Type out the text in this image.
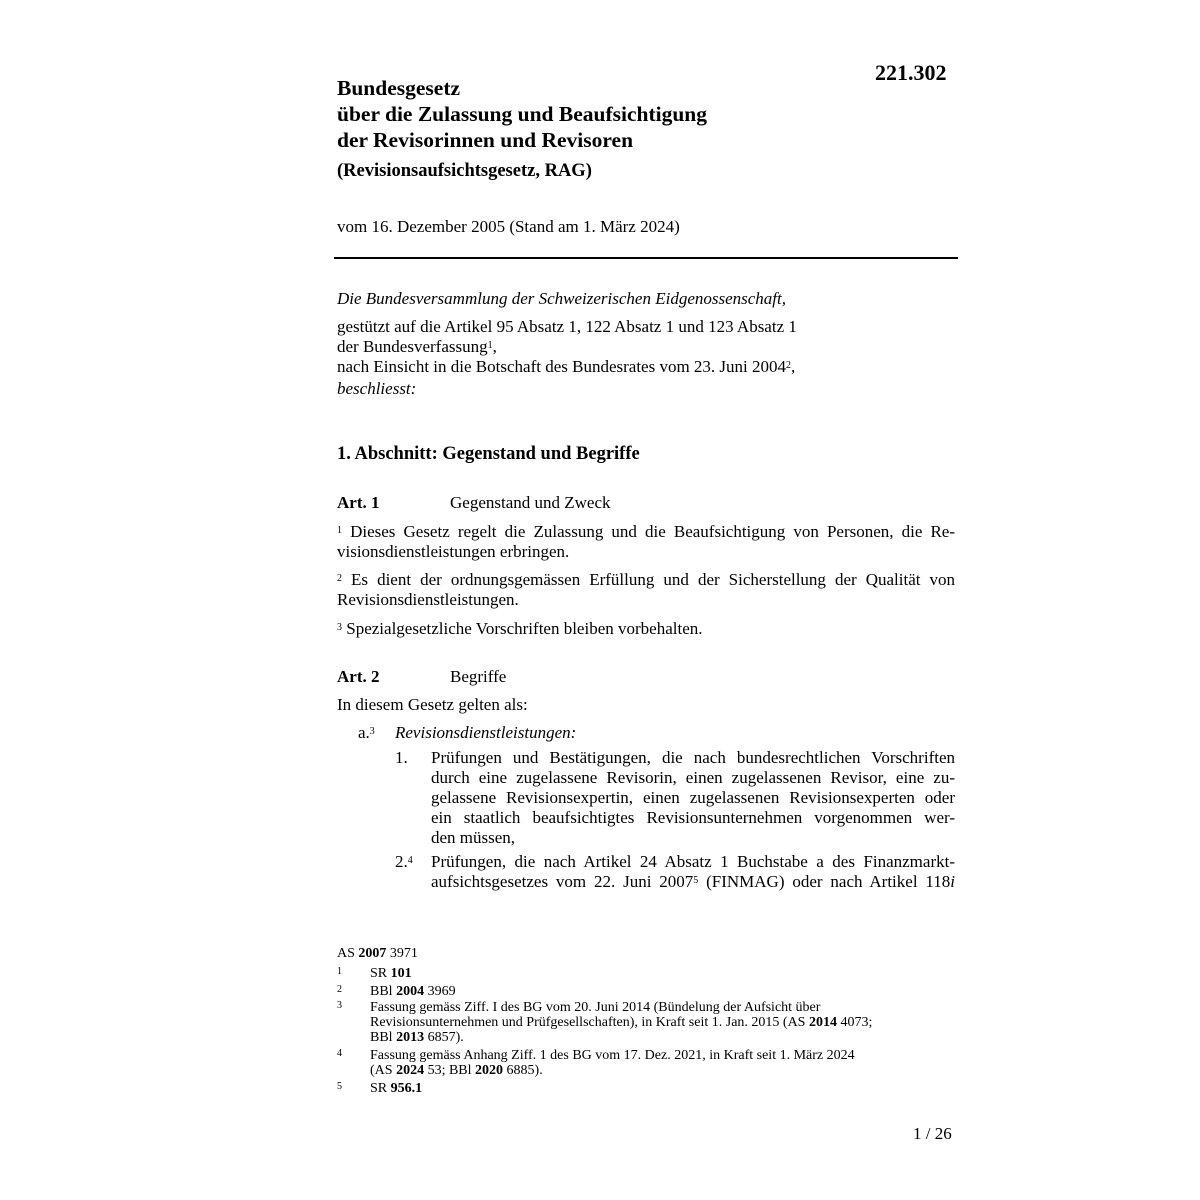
221.302
Bundesgesetz
über die Zulassung und Beaufsichtigung
der Revisorinnen und Revisoren
(Revisionsaufsichtsgesetz, RAG)
vom 16. Dezember 2005 (Stand am 1. März 2024)
Die Bundesversammlung der Schweizerischen Eidgenossenschaft,
gestützt auf die Artikel 95 Absatz 1, 122 Absatz 1 und 123 Absatz 1
der Bundesverfassung$^1$,
nach Einsicht in die Botschaft des Bundesrates vom 23. Juni 2004$^2$,
beschliesst:
1. Abschnitt: Gegenstand und Begriffe
Art. 1	Gegenstand und Zweck
$^1$ Dieses Gesetz regelt die Zulassung und die Beaufsichtigung von Personen, die Revisionsdienstleistungen erbringen.
$^2$ Es dient der ordnungsgemässen Erfüllung und der Sicherstellung der Qualität von Revisionsdienstleistungen.
$^3$ Spezialgesetzliche Vorschriften bleiben vorbehalten.
Art. 2	Begriffe
In diesem Gesetz gelten als:
a.$^3$ Revisionsdienstleistungen:
1. Prüfungen und Bestätigungen, die nach bundesrechtlichen Vorschriften
durch eine zugelassene Revisorin, einen zugelassenen Revisor, eine zu-
gelassene Revisionsexpertin, einen zugelassenen Revisionsexperten oder
ein staatlich beaufsichtigtes Revisionsunternehmen vorgenommen wer-
den müssen,
2.$^4$ Prüfungen, die nach Artikel 24 Absatz 1 Buchstabe a des Finanzmarkt-
aufsichtsgesetzes vom 22. Juni 2007$^5$ (FINMAG) oder nach Artikel 118i
AS 2007 3971
1 SR 101
2 BBl 2004 3969
3 Fassung gemäss Ziff. I des BG vom 20. Juni 2014 (Bündelung der Aufsicht über
Revisionsunternehmen und Prüfgesellschaften), in Kraft seit 1. Jan. 2015 (AS 2014 4073;
BBl 2013 6857).
4 Fassung gemäss Anhang Ziff. 1 des BG vom 17. Dez. 2021, in Kraft seit 1. März 2024
(AS 2024 53; BBl 2020 6885).
5 SR 956.1
1 / 26
